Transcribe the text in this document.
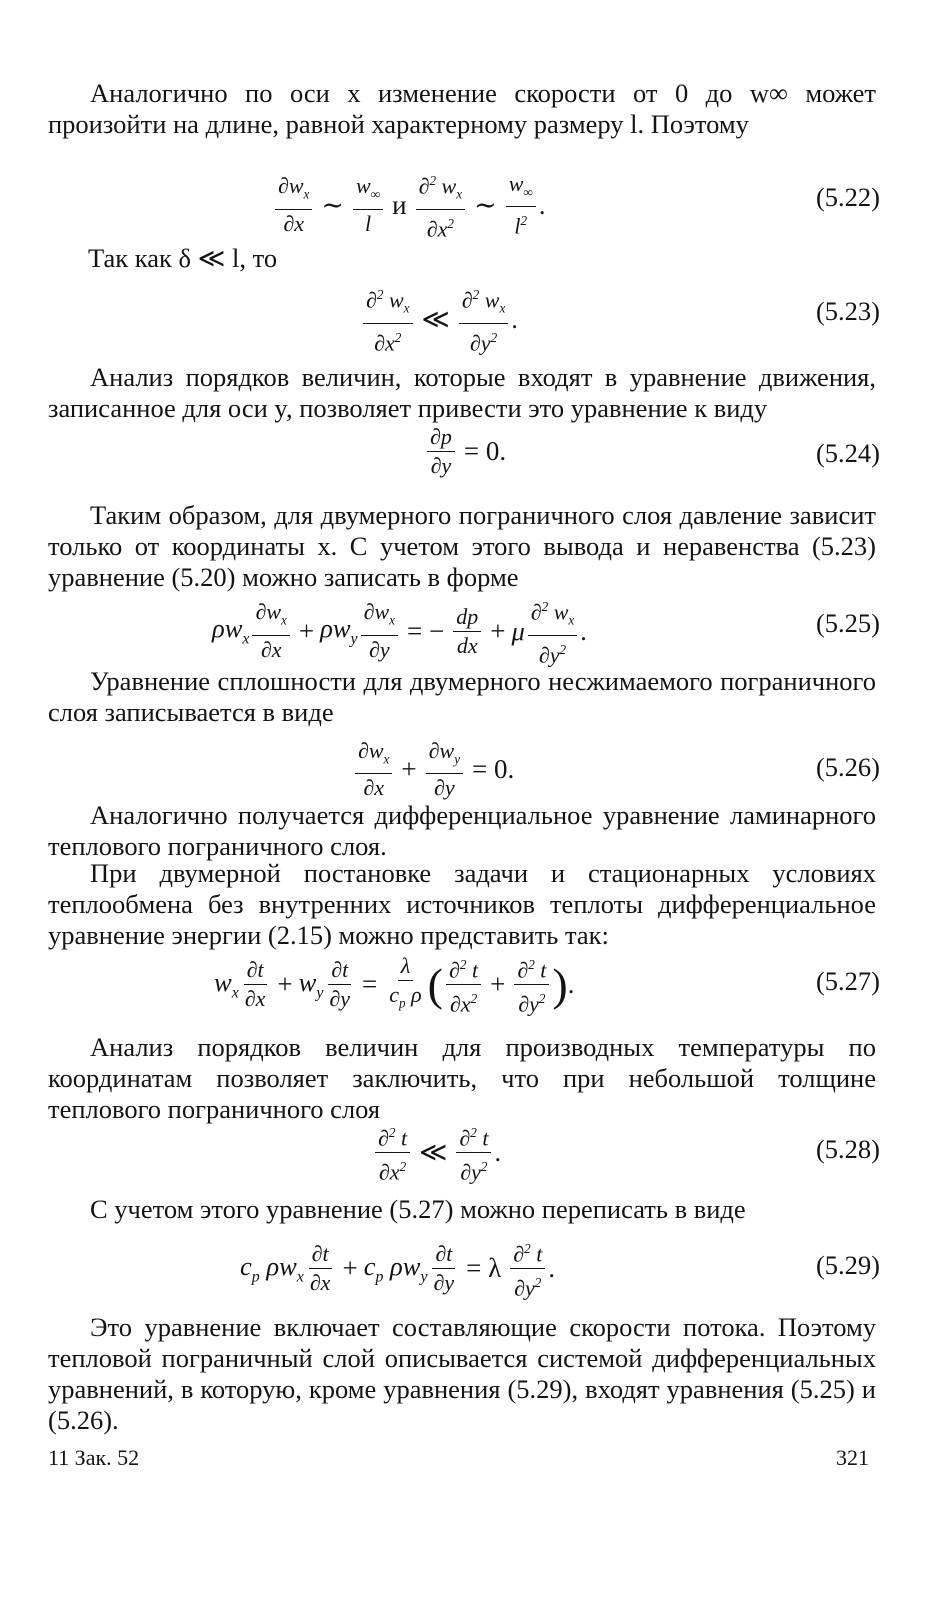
Аналогично по оси x изменение скорости от 0 до w∞ может произойти на длине, равной характерному размеру l. Поэтому

$\frac{\partial w_x}{\partial x}$ ∼ $\frac{w_\infty}{l}$ и $\frac{\partial^2 w_x}{\partial x^2}$ ∼ $\frac{w_\infty}{l^2}$ .	(5.22)

Так как δ ≪ l, то

$\frac{\partial^2 w_x}{\partial x^2}$ ≪ $\frac{\partial^2 w_x}{\partial y^2}$ .	(5.23)

Анализ порядков величин, которые входят в уравнение движения, записанное для оси y, позволяет привести это уравнение к виду

$\frac{\partial p}{\partial y} = 0$.	(5.24)

Таким образом, для двумерного пограничного слоя давление зависит только от координаты x. С учетом этого вывода и неравенства (5.23) уравнение (5.20) можно записать в форме

$\rho w_x \frac{\partial w_x}{\partial x} + \rho w_y \frac{\partial w_x}{\partial y}$ = − $\frac{dp}{dx} + \mu \frac{\partial^2 w_x}{\partial y^2}$ .	(5.25)

Уравнение сплошности для двумерного несжимаемого пограничного слоя записывается в виде

$\frac{\partial w_x}{\partial x} + \frac{\partial w_y}{\partial y} = 0$.	(5.26)

Аналогично получается дифференциальное уравнение ламинарного теплового пограничного слоя.

При двумерной постановке задачи и стационарных условиях теплообмена без внутренних источников теплоты дифференциальное уравнение энергии (2.15) можно представить так:

$w_x \frac{\partial t}{\partial x} + w_y \frac{\partial t}{\partial y} = \frac{\lambda}{c_p \rho}$ ( $\frac{\partial^2 t}{\partial x^2} + \frac{\partial^2 t}{\partial y^2}$ ) .	(5.27)

Анализ порядков величин для производных температуры по координатам позволяет заключить, что при небольшой толщине теплового пограничного слоя

$\frac{\partial^2 t}{\partial x^2}$ ≪ $\frac{\partial^2 t}{\partial y^2}$ .	(5.28)

С учетом этого уравнение (5.27) можно переписать в виде

$c_p$ $\rho w_x \frac{\partial t}{\partial x} + c_p$ $\rho w_y \frac{\partial t}{\partial y} = \lambda \frac{\partial^2 t}{\partial y^2}$ .	(5.29)

Это уравнение включает составляющие скорости потока. Поэтому тепловой пограничный слой описывается системой дифференциальных уравнений, в которую, кроме уравнения (5.29), входят уравнения (5.25) и (5.26).

11 Зак. 52	321
